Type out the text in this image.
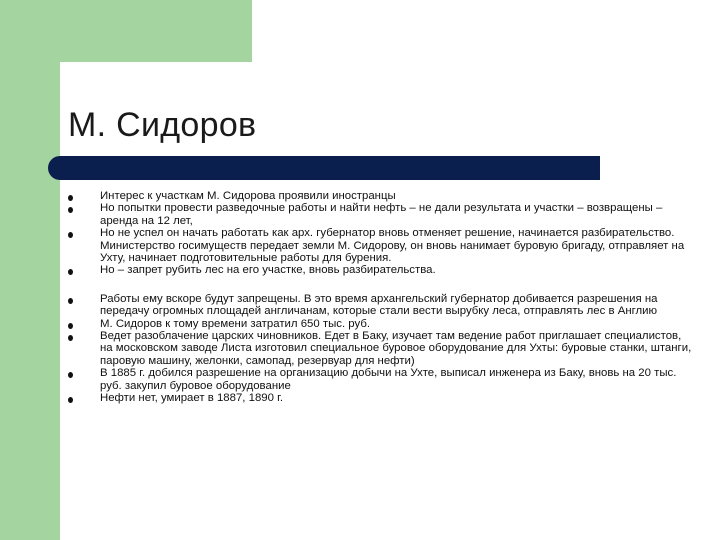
М. Сидоров
Интерес к участкам М. Сидорова проявили иностранцы
Но попытки провести разведочные работы и найти нефть – не дали результата и участки – возвращены – аренда на 12 лет,
Но не успел он начать работать как арх. губернатор вновь отменяет решение, начинается разбирательство. Министерство госимуществ передает земли М. Сидорову, он вновь нанимает буровую бригаду, отправляет на Ухту, начинает подготовительные работы для бурения.
Но – запрет рубить лес на его участке, вновь разбирательства.
Работы ему вскоре будут запрещены. В это время архангельский губернатор добивается разрешения на передачу огромных площадей англичанам, которые стали вести вырубку леса, отправлять лес в Англию
М. Сидоров к тому времени затратил 650 тыс. руб.
Ведет разоблачение царских чиновников. Едет в Баку, изучает там ведение работ приглашает специалистов, на московском заводе Листа изготовил специальное буровое оборудование для Ухты: буровые станки, штанги, паровую машину, желонки, самопад, резервуар для нефти)
В 1885 г. добился разрешение на организацию добычи на Ухте, выписал инженера из Баку, вновь на 20 тыс. руб. закупил буровое оборудование
Нефти нет, умирает в 1887, 1890 г.
